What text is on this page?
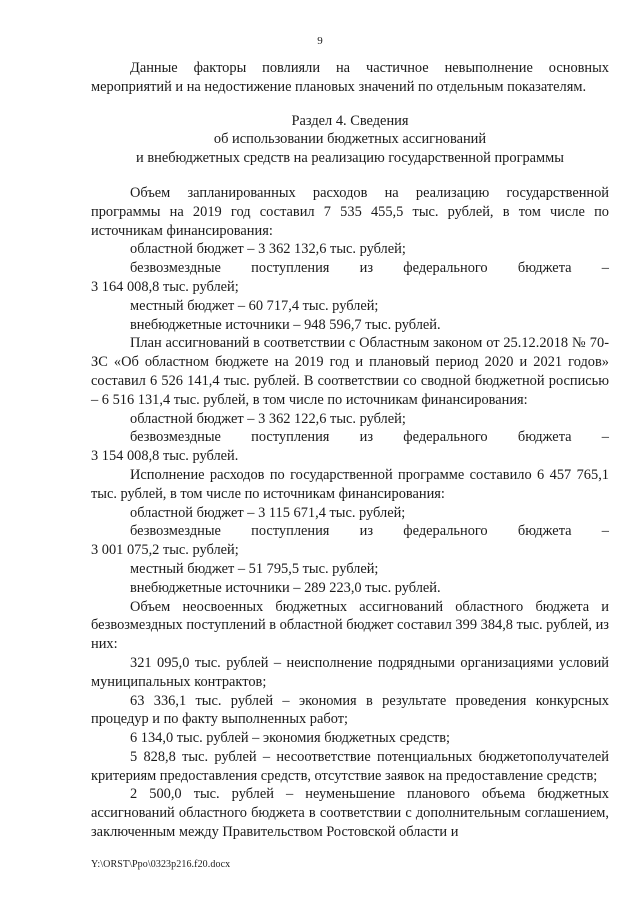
9

Данные факторы повлияли на частичное невыполнение основных мероприятий и на недостижение плановых значений по отдельным показателям.

Раздел 4. Сведения
об использовании бюджетных ассигнований
и внебюджетных средств на реализацию государственной программы

Объем запланированных расходов на реализацию государственной программы на 2019 год составил 7 535 455,5 тыс. рублей, в том числе по источникам финансирования:

областной бюджет – 3 362 132,6 тыс. рублей;

безвозмездные поступления из федерального бюджета –

3 164 008,8 тыс. рублей;

местный бюджет – 60 717,4 тыс. рублей;

внебюджетные источники – 948 596,7 тыс. рублей.

План ассигнований в соответствии с Областным законом от 25.12.2018 № 70-ЗС «Об областном бюджете на 2019 год и плановый период 2020 и 2021 годов» составил 6 526 141,4 тыс. рублей. В соответствии со сводной бюджетной росписью – 6 516 131,4 тыс. рублей, в том числе по источникам финансирования:

областной бюджет – 3 362 122,6 тыс. рублей;

безвозмездные поступления из федерального бюджета –

3 154 008,8 тыс. рублей.

Исполнение расходов по государственной программе составило 6 457 765,1 тыс. рублей, в том числе по источникам финансирования:

областной бюджет – 3 115 671,4 тыс. рублей;

безвозмездные поступления из федерального бюджета –

3 001 075,2 тыс. рублей;

местный бюджет – 51 795,5 тыс. рублей;

внебюджетные источники – 289 223,0 тыс. рублей.

Объем неосвоенных бюджетных ассигнований областного бюджета и безвозмездных поступлений в областной бюджет составил 399 384,8 тыс. рублей, из них:

321 095,0 тыс. рублей – неисполнение подрядными организациями условий муниципальных контрактов;

63 336,1 тыс. рублей – экономия в результате проведения конкурсных процедур и по факту выполненных работ;

6 134,0 тыс. рублей – экономия бюджетных средств;

5 828,8 тыс. рублей – несоответствие потенциальных бюджетополучателей критериям предоставления средств, отсутствие заявок на предоставление средств;

2 500,0 тыс. рублей – неуменьшение планового объема бюджетных ассигнований областного бюджета в соответствии с дополнительным соглашением, заключенным между Правительством Ростовской области и

Y:\ORST\Ppo\0323p216.f20.docx
